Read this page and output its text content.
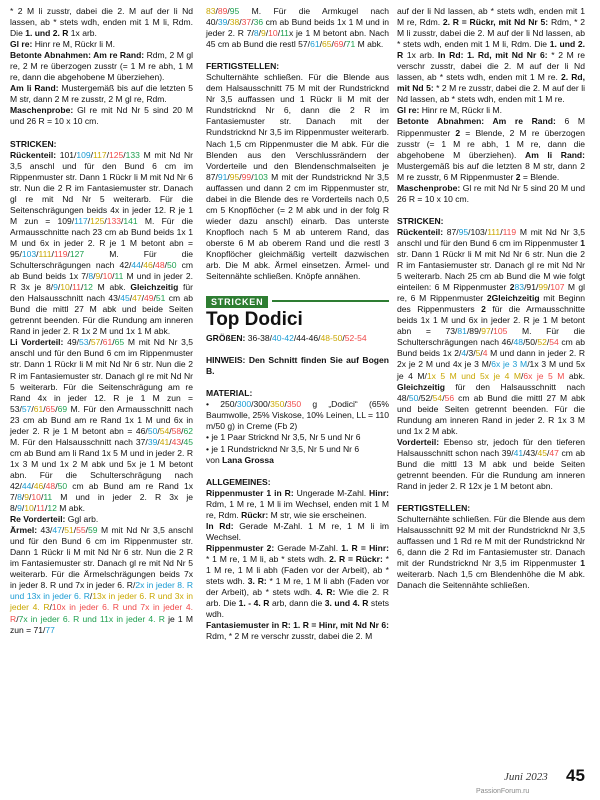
* 2 M li zusstr, dabei die 2. M auf der li Nd lassen, ab * stets wdh, enden mit 1 M li, Rdm. Die 1. und 2. R 1x arb.

Gl re: Hinr re M, Rückr li M.

Betonte Abnahmen: Am re Rand: Rdm, 2 M gl re, 2 M re überzogen zusstr (= 1 M re abh, 1 M re, dann die abgehobene M überziehen).

Am li Rand: Mustergemäß bis auf die letzten 5 M str, dann 2 M re zusstr, 2 M gl re, Rdm.

Maschenprobe: Gl re mit Nd Nr 5 sind 20 M und 26 R = 10 x 10 cm.

STRICKEN:

Rückenteil: 101/109/117/125/133 M mit Nd Nr 3,5 anschl und für den Bund 6 cm im Rippenmuster str. Dann 1 Rückr li M mit Nd Nr 6 str. Nun die 2 R im Fantasiemuster str. Danach gl re mit Nd Nr 5 weiterarb. Für die Seitenschrägungen beids 4x in jeder 12. R je 1 M zun = 109/117/125/133/141 M. Für die Armausschnitte nach 23 cm ab Bund beids 1x 1 M und 6x in jeder 2. R je 1 M betont abn = 95/103/111/119/127 M. Für die Schulterschrägungen nach 42/44/46/48/50 cm ab Bund beids 1x 7/8/9/10/11 M und in jeder 2. R 3x je 8/9/10/11/12 M abk. Gleichzeitig für den Halsausschnitt nach 43/45/47/49/51 cm ab Bund die mittl 27 M abk und beide Seiten getrennt beenden. Für die Rundung am inneren Rand in jeder 2. R 1x 2 M und 1x 1 M abk.

Li Vorderteil: 49/53/57/61/65 M mit Nd Nr 3,5 anschl und für den Bund 6 cm im Rippenmuster str. Dann 1 Rückr li M mit Nd Nr 6 str. Nun die 2 R im Fantasiemuster str. Danach gl re mit Nd Nr 5 weiterarb. Für die Seitenschrägung am re Rand 4x in jeder 12. R je 1 M zun = 53/57/61/65/69 M. Für den Armausschnitt nach 23 cm ab Bund am re Rand 1x 1 M und 6x in jeder 2. R je 1 M betont abn = 46/50/54/58/62 M. Für den Halsausschnitt nach 37/39/41/43/45 cm ab Bund am li Rand 1x 5 M und in jeder 2. R 1x 3 M und 1x 2 M abk und 5x je 1 M betont abn. Für die Schulterschrägung nach 42/44/46/48/50 cm ab Bund am re Rand 1x 7/8/9/10/11 M und in jeder 2. R 3x je 8/9/10/11/12 M abk.

Re Vorderteil: Ggl arb.

Ärmel: 43/47/51/55/59 M mit Nd Nr 3,5 anschl und für den Bund 6 cm im Rippenmuster str. Dann 1 Rückr li M mit Nd Nr 6 str. Nun die 2 R im Fantasiemuster str. Danach gl re mit Nd Nr 5 weiterarb. Für die Ärmelschrägungen beids 7x in jeder 8. R und 7x in jeder 6. R/2x in jeder 8. R und 13x in jeder 6. R/13x in jeder 6. R und 3x in jeder 4. R/10x in jeder 6. R und 7x in jeder 4. R/7x in jeder 6. R und 11x in jeder 4. R je 1 M zun = 71/77

83/89/95 M. Für die Armkugel nach 40/39/38/37/36 cm ab Bund beids 1x 1 M und in jeder 2. R 7/8/9/10/11x je 1 M betont abn. Nach 45 cm ab Bund die restl 57/61/65/69/71 M abk.

FERTIGSTELLEN:

Schulternähte schließen. Für die Blende aus dem Halsausschnitt 75 M mit der Rundstricknd Nr 3,5 auffassen und 1 Rückr li M mit der Rundstricknd Nr 6, dann die 2 R im Fantasiemuster str. Danach mit der Rundstricknd Nr 3,5 im Rippenmuster weiterarb. Nach 1,5 cm Rippenmuster die M abk. Für die Blenden aus den Verschlussrändern der Vorderteile und den Blendenschmalseiten je 87/91/95/99/103 M mit der Rundstricknd Nr 3,5 auffassen und dann 2 cm im Rippenmuster str, dabei in die Blende des re Vorderteils nach 0,5 cm 5 Knopflöcher (= 2 M abk und in der folg R wieder dazu anschl) einarb. Das unterste Knopfloch nach 5 M ab unterem Rand, das oberste 6 M ab oberem Rand und die restl 3 Knopflöcher gleichmäßig verteilt dazwischen arb. Die M abk. Ärmel einsetzen. Ärmel- und Seitennähte schließen. Knöpfe annähen.

STRICKEN
Top Dodici

GRÖßEN: 36-38/40-42/44-46/48-50/52-54

HINWEIS: Den Schnitt finden Sie auf Bogen B.

MATERIAL:

• 250/300/300/350/350 g „Dodici“ (65% Baumwolle, 25% Viskose, 10% Leinen, LL = 110 m/50 g) in Creme (Fb 2)

• je 1 Paar Stricknd Nr 3,5, Nr 5 und Nr 6

• je 1 Rundstricknd Nr 3,5, Nr 5 und Nr 6

von Lana Grossa

ALLGEMEINES:

Rippenmuster 1 in R: Ungerade M-Zahl. Hinr: Rdm, 1 M re, 1 M li im Wechsel, enden mit 1 M re, Rdm. Rückr: M str, wie sie erscheinen.

In Rd: Gerade M-Zahl. 1 M re, 1 M li im Wechsel.

Rippenmuster 2: Gerade M-Zahl. 1. R = Hinr: * 1 M re, 1 M li, ab * stets wdh. 2. R = Rückr: * 1 M re, 1 M li abh (Faden vor der Arbeit), ab * stets wdh. 3. R: * 1 M re, 1 M li abh (Faden vor der Arbeit), ab * stets wdh. 4. R: Wie die 2. R arb. Die 1. - 4. R arb, dann die 3. und 4. R stets wdh.

Fantasiemuster in R: 1. R = Hinr, mit Nd Nr 6: Rdm, * 2 M re verschr zusstr, dabei die 2. M

auf der li Nd lassen, ab * stets wdh, enden mit 1 M re, Rdm. 2. R = Rückr, mit Nd Nr 5: Rdm, * 2 M li zusstr, dabei die 2. M auf der li Nd lassen, ab * stets wdh, enden mit 1 M li, Rdm. Die 1. und 2. R 1x arb. In Rd: 1. Rd, mit Nd Nr 6: * 2 M re verschr zusstr, dabei die 2. M auf der li Nd lassen, ab * stets wdh, enden mit 1 M re. 2. Rd, mit Nd 5: * 2 M re zusstr, dabei die 2. M auf der li Nd lassen, ab * stets wdh, enden mit 1 M re.

Gl re: Hinr re M, Rückr li M.

Betonte Abnahmen: Am re Rand: 6 M Rippenmuster 2 = Blende, 2 M re überzogen zusstr (= 1 M re abh, 1 M re, dann die abgehobene M überziehen). Am li Rand: Mustergemäß bis auf die letzten 8 M str, dann 2 M re zusstr, 6 M Rippenmuster 2 = Blende.

Maschenprobe: Gl re mit Nd Nr 5 sind 20 M und 26 R = 10 x 10 cm.

STRICKEN:

Rückenteil: 87/95/103/111/119 M mit Nd Nr 3,5 anschl und für den Bund 6 cm im Rippenmuster 1 str. Dann 1 Rückr li M mit Nd Nr 6 str. Nun die 2 R im Fantasiemuster str. Danach gl re mit Nd Nr 5 weiterarb. Nach 25 cm ab Bund die M wie folgt einteilen: 6 M Rippenmuster 283/91/99/107 M gl re, 6 M Rippenmuster 2Gleichzeitig mit Beginn des Rippenmusters 2 für die Armausschnitte beids 1x 1 M und 6x in jeder 2. R je 1 M betont abn = 73/81/89/97/105 M. Für die Schulterschrägungen nach 46/48/50/52/54 cm ab Bund beids 1x 2/4/3/5/4 M und dann in jeder 2. R 2x je 2 M und 4x je 3 M/6x je 3 M/1x 3 M und 5x je 4 M/1x 5 M und 5x je 4 M/6x je 5 M abk. Gleichzeitig für den Halsausschnitt nach 48/50/52/54/56 cm ab Bund die mittl 27 M abk und beide Seiten getrennt beenden. Für die Rundung am inneren Rand in jeder 2. R 1x 3 M und 1x 2 M abk.

Vorderteil: Ebenso str, jedoch für den tieferen Halsausschnitt schon nach 39/41/43/45/47 cm ab Bund die mittl 13 M abk und beide Seiten getrennt beenden. Für die Rundung am inneren Rand in jeder 2. R 12x je 1 M betont abn.

FERTIGSTELLEN:

Schulternähte schließen. Für die Blende aus dem Halsausschnitt 92 M mit der Rundstricknd Nr 3,5 auffassen und 1 Rd re M mit der Rundstricknd Nr 6, dann die 2 Rd im Fantasiemuster str. Danach mit der Rundstricknd Nr 3,5 im Rippenmuster 1 weiterarb. Nach 1,5 cm Blendenhöhe die M abk. Danach die Seitennähte schließen.

Juni 2023 45
PassionForum.ru
